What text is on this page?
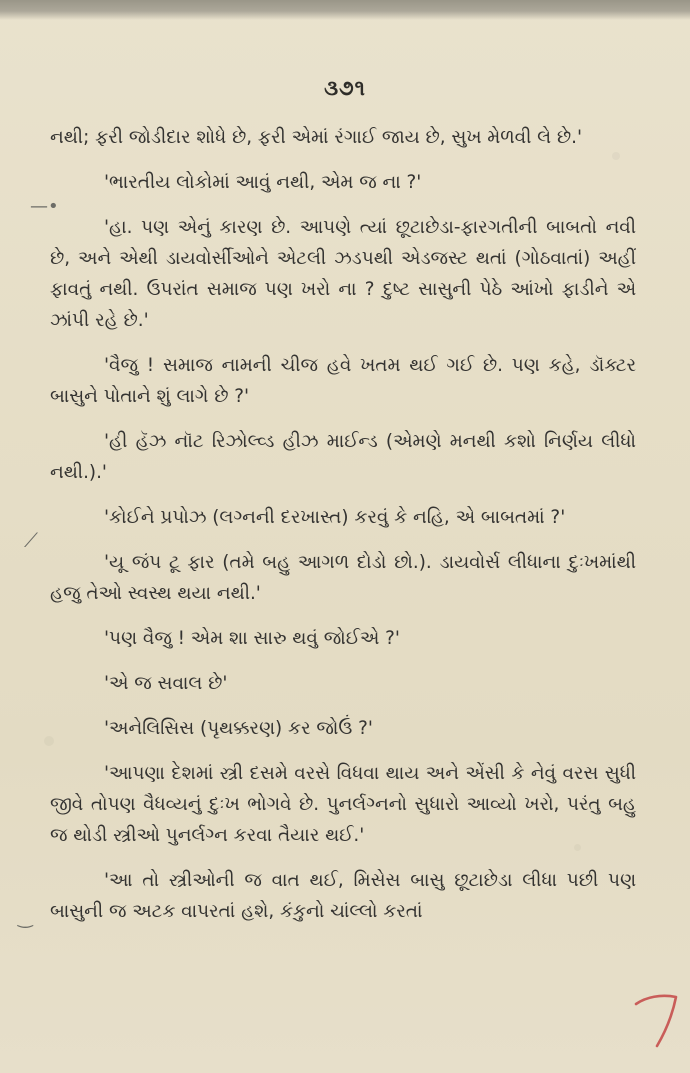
—•
⟋
‿
૩૭૧

નથી; ફરી જોડીદાર શોધે છે, ફરી એમાં રંગાઈ જાય છે, સુખ મેળવી લે છે.'

'ભારતીય લોકોમાં આવું નથી, એમ જ ના ?'

'હા. પણ એનું કારણ છે. આપણે ત્યાં છૂટાછેડા-ફારગતીની બાબતો નવી છે, અને એથી ડાયવોર્સીઓને એટલી ઝડપથી એડજસ્ટ થતાં (ગોઠવાતાં) અહીં ફાવતું નથી. ઉપરાંત સમાજ પણ ખરો ના ? દુષ્ટ સાસુની પેઠે આંખો ફાડીને એ ઝાંપી રહે છે.'

'વૈજુ ! સમાજ નામની ચીજ હવે ખતમ થઈ ગઈ છે. પણ કહે, ડૉક્ટર બાસુને પોતાને શું લાગે છે ?'

'હી હૅઝ નૉટ રિઝોલ્વ્ડ હીઝ માઈન્ડ (એમણે મનથી કશો નિર્ણય લીધો નથી.).'

'કોઈને પ્રપોઝ (લગ્નની દરખાસ્ત) કરવું કે નહિ, એ બાબતમાં ?'

'યૂ જંપ ટૂ ફાર (તમે બહુ આગળ દોડો છો.). ડાયવોર્સ લીધાના દુઃખમાંથી હજુ તેઓ સ્વસ્થ થયા નથી.'

'પણ વૈજુ ! એમ શા સારુ થવું જોઈએ ?'

'એ જ સવાલ છે'

'અનેલિસિસ (પૃથક્કરણ) કર જોઉં ?'

'આપણા દેશમાં સ્ત્રી દસમે વરસે વિધવા થાય અને એંસી કે નેવું વરસ સુધી જીવે તોપણ વૈધવ્યનું દુઃખ ભોગવે છે. પુનર્લગ્નનો સુધારો આવ્યો ખરો, પરંતુ બહુ જ થોડી સ્ત્રીઓ પુનર્લગ્ન કરવા તૈયાર થઈ.'

'આ તો સ્ત્રીઓની જ વાત થઈ, મિસેસ બાસુ છૂટાછેડા લીધા પછી પણ બાસુની જ અટક વાપરતાં હશે, કંકુનો ચાંલ્લો કરતાં
